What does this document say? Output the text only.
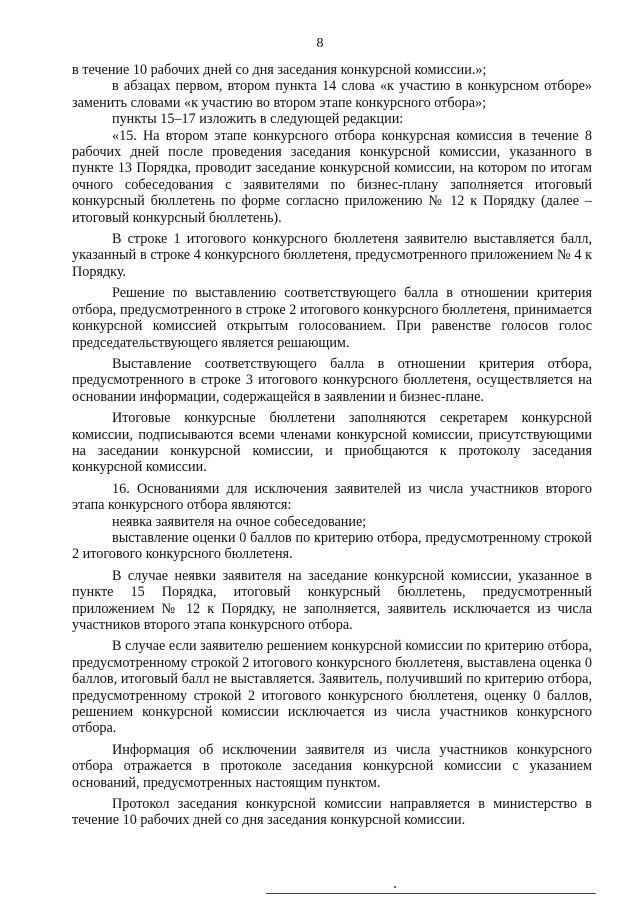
8

в течение 10 рабочих дней со дня заседания конкурсной комиссии.»;

в абзацах первом, втором пункта 14 слова «к участию в конкурсном отборе» заменить словами «к участию во втором этапе конкурсного отбора»;

пункты 15–17 изложить в следующей редакции:

«15. На втором этапе конкурсного отбора конкурсная комиссия в течение 8 рабочих дней после проведения заседания конкурсной комиссии, указанного в пункте 13 Порядка, проводит заседание конкурсной комиссии, на котором по итогам очного собеседования с заявителями по бизнес-плану заполняется итоговый конкурсный бюллетень по форме согласно приложению № 12 к Порядку (далее – итоговый конкурсный бюллетень).

В строке 1 итогового конкурсного бюллетеня заявителю выставляется балл, указанный в строке 4 конкурсного бюллетеня, предусмотренного приложением № 4 к Порядку.

Решение по выставлению соответствующего балла в отношении критерия отбора, предусмотренного в строке 2 итогового конкурсного бюллетеня, принимается конкурсной комиссией открытым голосованием. При равенстве голосов голос председательствующего является решающим.

Выставление соответствующего балла в отношении критерия отбора, предусмотренного в строке 3 итогового конкурсного бюллетеня, осуществляется на основании информации, содержащейся в заявлении и бизнес-плане.

Итоговые конкурсные бюллетени заполняются секретарем конкурсной комиссии, подписываются всеми членами конкурсной комиссии, присутствующими на заседании конкурсной комиссии, и приобщаются к протоколу заседания конкурсной комиссии.

16. Основаниями для исключения заявителей из числа участников второго этапа конкурсного отбора являются:

неявка заявителя на очное собеседование;

выставление оценки 0 баллов по критерию отбора, предусмотренному строкой 2 итогового конкурсного бюллетеня.

В случае неявки заявителя на заседание конкурсной комиссии, указанное в пункте 15 Порядка, итоговый конкурсный бюллетень, предусмотренный приложением № 12 к Порядку, не заполняется, заявитель исключается из числа участников второго этапа конкурсного отбора.

В случае если заявителю решением конкурсной комиссии по критерию отбора, предусмотренному строкой 2 итогового конкурсного бюллетеня, выставлена оценка 0 баллов, итоговый балл не выставляется. Заявитель, получивший по критерию отбора, предусмотренному строкой 2 итогового конкурсного бюллетеня, оценку 0 баллов, решением конкурсной комиссии исключается из числа участников конкурсного отбора.

Информация об исключении заявителя из числа участников конкурсного отбора отражается в протоколе заседания конкурсной комиссии с указанием оснований, предусмотренных настоящим пунктом.

Протокол заседания конкурсной комиссии направляется в министерство в течение 10 рабочих дней со дня заседания конкурсной комиссии.
